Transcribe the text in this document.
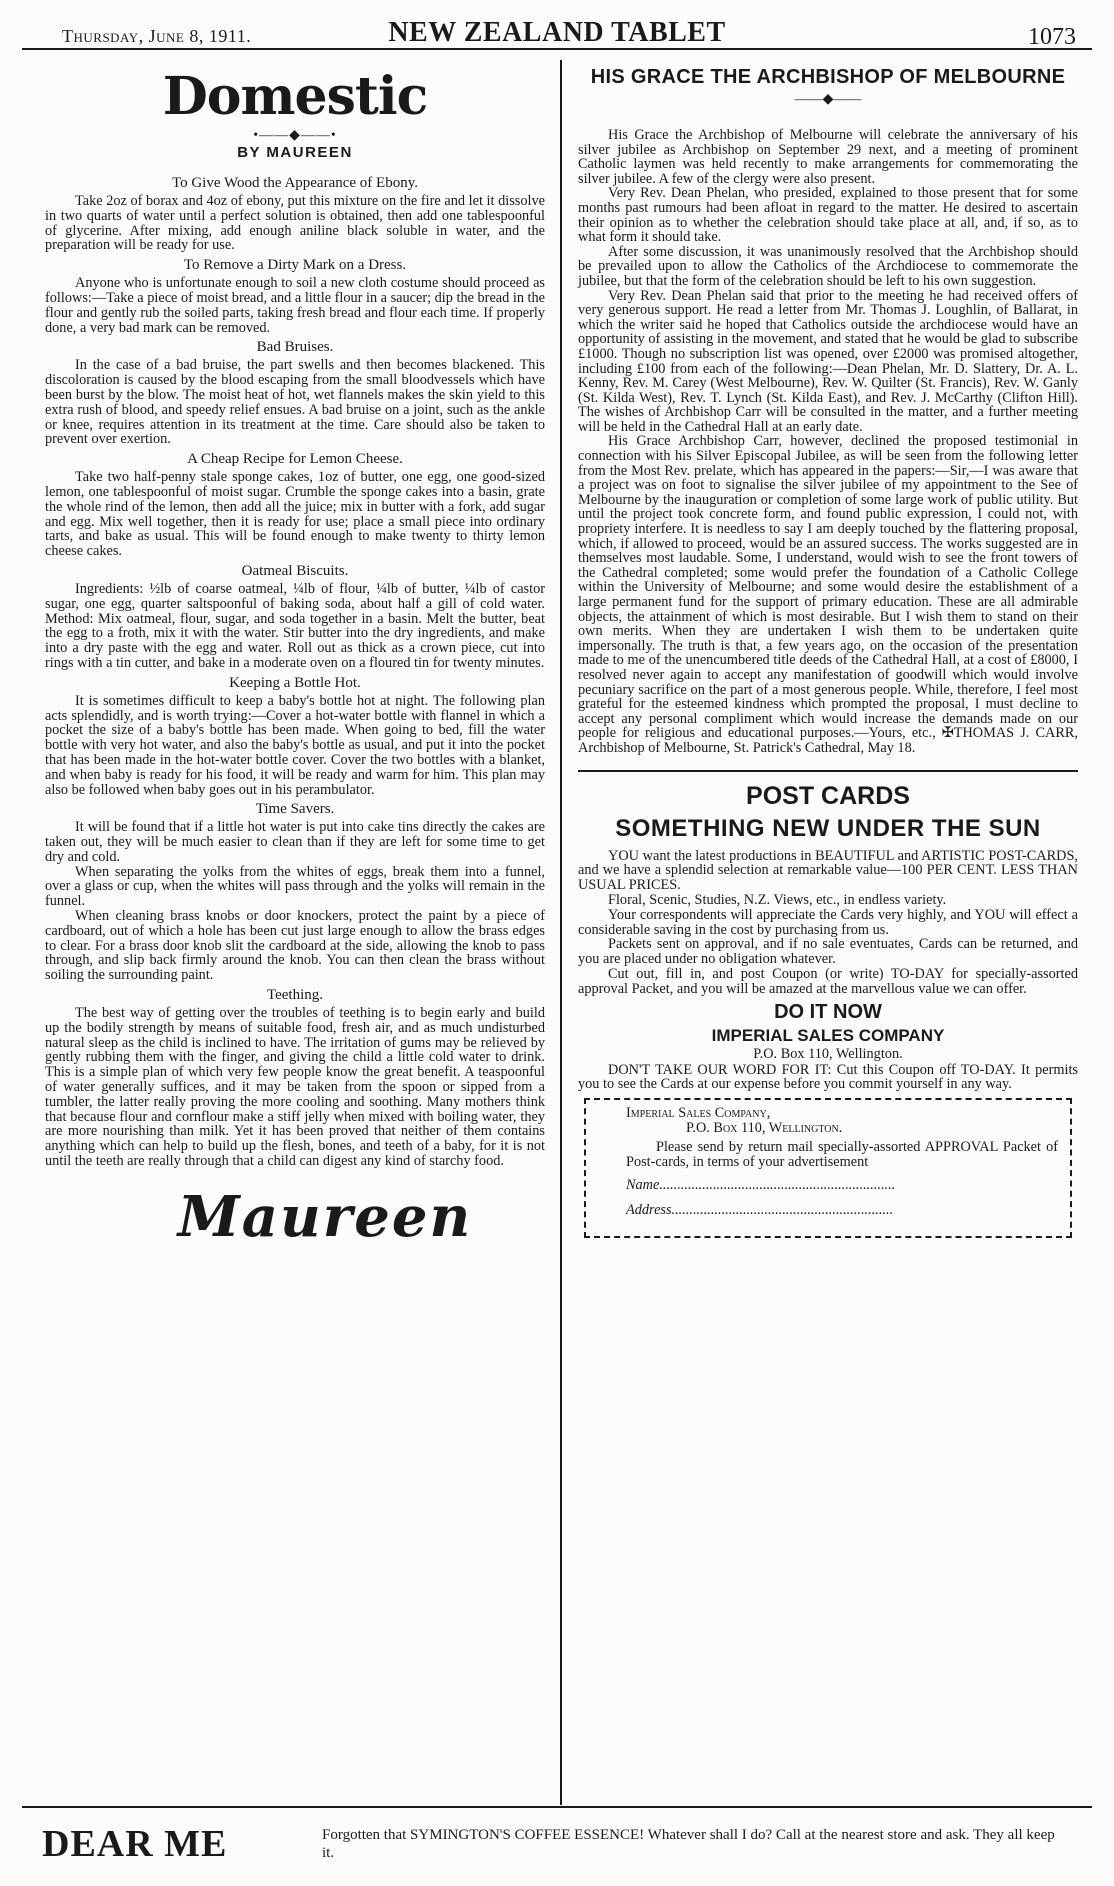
Thursday, June 8, 1911.	NEW ZEALAND TABLET	1073
Domestic
•——◆——•
BY MAUREEN
To Give Wood the Appearance of Ebony.

Take 2oz of borax and 4oz of ebony, put this mixture on the fire and let it dissolve in two quarts of water until a perfect solution is obtained, then add one tablespoonful of glycerine. After mixing, add enough aniline black soluble in water, and the preparation will be ready for use.

To Remove a Dirty Mark on a Dress.

Anyone who is unfortunate enough to soil a new cloth costume should proceed as follows:—Take a piece of moist bread, and a little flour in a saucer; dip the bread in the flour and gently rub the soiled parts, taking fresh bread and flour each time. If properly done, a very bad mark can be removed.

Bad Bruises.

In the case of a bad bruise, the part swells and then becomes blackened. This discoloration is caused by the blood escaping from the small bloodvessels which have been burst by the blow. The moist heat of hot, wet flannels makes the skin yield to this extra rush of blood, and speedy relief ensues. A bad bruise on a joint, such as the ankle or knee, requires attention in its treatment at the time. Care should also be taken to prevent over exertion.

A Cheap Recipe for Lemon Cheese.

Take two half-penny stale sponge cakes, 1oz of butter, one egg, one good-sized lemon, one tablespoonful of moist sugar. Crumble the sponge cakes into a basin, grate the whole rind of the lemon, then add all the juice; mix in butter with a fork, add sugar and egg. Mix well together, then it is ready for use; place a small piece into ordinary tarts, and bake as usual. This will be found enough to make twenty to thirty lemon cheese cakes.

Oatmeal Biscuits.

Ingredients: ½lb of coarse oatmeal, ¼lb of flour, ¼lb of butter, ¼lb of castor sugar, one egg, quarter saltspoonful of baking soda, about half a gill of cold water. Method: Mix oatmeal, flour, sugar, and soda together in a basin. Melt the butter, beat the egg to a froth, mix it with the water. Stir butter into the dry ingredients, and make into a dry paste with the egg and water. Roll out as thick as a crown piece, cut into rings with a tin cutter, and bake in a moderate oven on a floured tin for twenty minutes.

Keeping a Bottle Hot.

It is sometimes difficult to keep a baby's bottle hot at night. The following plan acts splendidly, and is worth trying:—Cover a hot-water bottle with flannel in which a pocket the size of a baby's bottle has been made. When going to bed, fill the water bottle with very hot water, and also the baby's bottle as usual, and put it into the pocket that has been made in the hot-water bottle cover. Cover the two bottles with a blanket, and when baby is ready for his food, it will be ready and warm for him. This plan may also be followed when baby goes out in his perambulator.

Time Savers.

It will be found that if a little hot water is put into cake tins directly the cakes are taken out, they will be much easier to clean than if they are left for some time to get dry and cold.

When separating the yolks from the whites of eggs, break them into a funnel, over a glass or cup, when the whites will pass through and the yolks will remain in the funnel.

When cleaning brass knobs or door knockers, protect the paint by a piece of cardboard, out of which a hole has been cut just large enough to allow the brass edges to clear. For a brass door knob slit the cardboard at the side, allowing the knob to pass through, and slip back firmly around the knob. You can then clean the brass without soiling the surrounding paint.

Teething.

The best way of getting over the troubles of teething is to begin early and build up the bodily strength by means of suitable food, fresh air, and as much undisturbed natural sleep as the child is inclined to have. The irritation of gums may be relieved by gently rubbing them with the finger, and giving the child a little cold water to drink. This is a simple plan of which very few people know the great benefit. A teaspoonful of water generally suffices, and it may be taken from the spoon or sipped from a tumbler, the latter really proving the more cooling and soothing. Many mothers think that because flour and cornflour make a stiff jelly when mixed with boiling water, they are more nourishing than milk. Yet it has been proved that neither of them contains anything which can help to build up the flesh, bones, and teeth of a baby, for it is not until the teeth are really through that a child can digest any kind of starchy food.

Maureen
HIS GRACE THE ARCHBISHOP OF MELBOURNE
——◆——

His Grace the Archbishop of Melbourne will celebrate the anniversary of his silver jubilee as Archbishop on September 29 next, and a meeting of prominent Catholic laymen was held recently to make arrangements for commemorating the silver jubilee. A few of the clergy were also present.

Very Rev. Dean Phelan, who presided, explained to those present that for some months past rumours had been afloat in regard to the matter. He desired to ascertain their opinion as to whether the celebration should take place at all, and, if so, as to what form it should take.

After some discussion, it was unanimously resolved that the Archbishop should be prevailed upon to allow the Catholics of the Archdiocese to commemorate the jubilee, but that the form of the celebration should be left to his own suggestion.

Very Rev. Dean Phelan said that prior to the meeting he had received offers of very generous support. He read a letter from Mr. Thomas J. Loughlin, of Ballarat, in which the writer said he hoped that Catholics outside the archdiocese would have an opportunity of assisting in the movement, and stated that he would be glad to subscribe £1000. Though no subscription list was opened, over £2000 was promised altogether, including £100 from each of the following:—Dean Phelan, Mr. D. Slattery, Dr. A. L. Kenny, Rev. M. Carey (West Melbourne), Rev. W. Quilter (St. Francis), Rev. W. Ganly (St. Kilda West), Rev. T. Lynch (St. Kilda East), and Rev. J. McCarthy (Clifton Hill). The wishes of Archbishop Carr will be consulted in the matter, and a further meeting will be held in the Cathedral Hall at an early date.

His Grace Archbishop Carr, however, declined the proposed testimonial in connection with his Silver Episcopal Jubilee, as will be seen from the following letter from the Most Rev. prelate, which has appeared in the papers:—Sir,—I was aware that a project was on foot to signalise the silver jubilee of my appointment to the See of Melbourne by the inauguration or completion of some large work of public utility. But until the project took concrete form, and found public expression, I could not, with propriety interfere. It is needless to say I am deeply touched by the flattering proposal, which, if allowed to proceed, would be an assured success. The works suggested are in themselves most laudable. Some, I understand, would wish to see the front towers of the Cathedral completed; some would prefer the foundation of a Catholic College within the University of Melbourne; and some would desire the establishment of a large permanent fund for the support of primary education. These are all admirable objects, the attainment of which is most desirable. But I wish them to stand on their own merits. When they are undertaken I wish them to be undertaken quite impersonally. The truth is that, a few years ago, on the occasion of the presentation made to me of the unencumbered title deeds of the Cathedral Hall, at a cost of £8000, I resolved never again to accept any manifestation of goodwill which would involve pecuniary sacrifice on the part of a most generous people. While, therefore, I feel most grateful for the esteemed kindness which prompted the proposal, I must decline to accept any personal compliment which would increase the demands made on our people for religious and educational purposes.—Yours, etc., ✠THOMAS J. CARR, Archbishop of Melbourne, St. Patrick's Cathedral, May 18.

POST CARDS
SOMETHING NEW UNDER THE SUN

YOU want the latest productions in BEAUTIFUL and ARTISTIC POST-CARDS, and we have a splendid selection at remarkable value—100 PER CENT. LESS THAN USUAL PRICES.

Floral, Scenic, Studies, N.Z. Views, etc., in endless variety.

Your correspondents will appreciate the Cards very highly, and YOU will effect a considerable saving in the cost by purchasing from us.

Packets sent on approval, and if no sale eventuates, Cards can be returned, and you are placed under no obligation whatever.

Cut out, fill in, and post Coupon (or write) TO-DAY for specially-assorted approval Packet, and you will be amazed at the marvellous value we can offer.

DO IT NOW
IMPERIAL SALES COMPANY
P.O. Box 110, Wellington.

DON'T TAKE OUR WORD FOR IT: Cut this Coupon off TO-DAY. It permits you to see the Cards at our expense before you commit yourself in any way.

Imperial Sales Company,

P.O. Box 110, Wellington.

Please send by return mail specially-assorted APPROVAL Packet of Post-cards, in terms of your advertisement

Name..................................................................

Address..............................................................

DEAR ME	Forgotten that SYMINGTON'S COFFEE ESSENCE! Whatever shall I do? Call at the nearest store and ask. They all keep it.
